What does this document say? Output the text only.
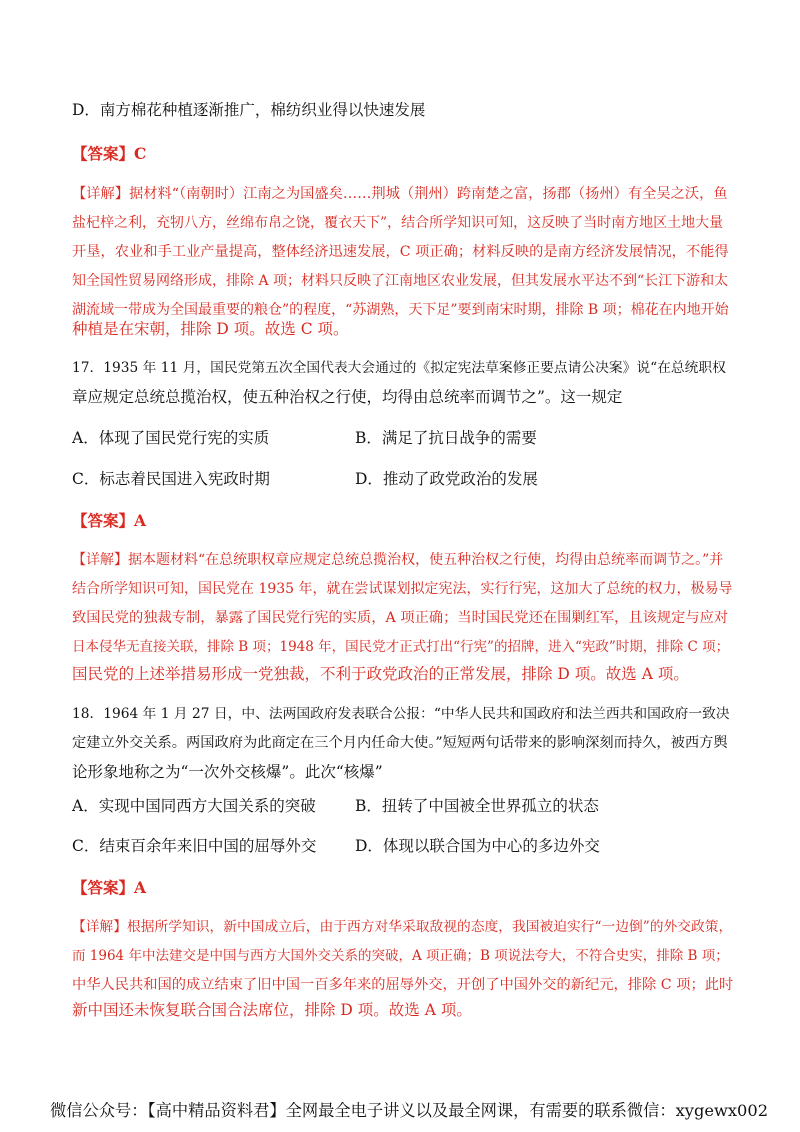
D．南方棉花种植逐渐推广，棉纺织业得以快速发展
【答案】C
【详解】据材料“（南朝时）江南之为国盛矣……荆城（荆州）跨南楚之富，扬郡（扬州）有全吴之沃，鱼
盐杞梓之利，充牣八方，丝绵布帛之饶，覆衣天下”，结合所学知识可知，这反映了当时南方地区土地大量
开垦，农业和手工业产量提高，整体经济迅速发展，C 项正确；材料反映的是南方经济发展情况，不能得
知全国性贸易网络形成，排除 A 项；材料只反映了江南地区农业发展，但其发展水平达不到“长江下游和太
湖流域一带成为全国最重要的粮仓”的程度，“苏湖熟，天下足”要到南宋时期，排除 B 项；棉花在内地开始
种植是在宋朝，排除 D 项。故选 C 项。
17．1935 年 11 月，国民党第五次全国代表大会通过的《拟定宪法草案修正要点请公决案》说“在总统职权
章应规定总统总揽治权，使五种治权之行使，均得由总统率而调节之”。这一规定
A．体现了国民党行宪的实质	B．满足了抗日战争的需要
C．标志着民国进入宪政时期	D．推动了政党政治的发展
【答案】A
【详解】据本题材料“在总统职权章应规定总统总揽治权，使五种治权之行使，均得由总统率而调节之。”并
结合所学知识可知，国民党在 1935 年，就在尝试谋划拟定宪法，实行行宪，这加大了总统的权力，极易导
致国民党的独裁专制，暴露了国民党行宪的实质，A 项正确；当时国民党还在围剿红军，且该规定与应对
日本侵华无直接关联，排除 B 项；1948 年，国民党才正式打出“行宪”的招牌，进入“宪政”时期，排除 C 项；
国民党的上述举措易形成一党独裁，不利于政党政治的正常发展，排除 D 项。故选 A 项。
18．1964 年 1 月 27 日，中、法两国政府发表联合公报：“中华人民共和国政府和法兰西共和国政府一致决
定建立外交关系。两国政府为此商定在三个月内任命大使。”短短两句话带来的影响深刻而持久，被西方舆
论形象地称之为“一次外交核爆”。此次“核爆”
A．实现中国同西方大国关系的突破	B．扭转了中国被全世界孤立的状态
C．结束百余年来旧中国的屈辱外交 D．体现以联合国为中心的多边外交
【答案】A
【详解】根据所学知识，新中国成立后，由于西方对华采取敌视的态度，我国被迫实行“一边倒”的外交政策，
而 1964 年中法建交是中国与西方大国外交关系的突破，A 项正确；B 项说法夸大，不符合史实，排除 B 项；
中华人民共和国的成立结束了旧中国一百多年来的屈辱外交，开创了中国外交的新纪元，排除 C 项；此时
新中国还未恢复联合国合法席位，排除 D 项。故选 A 项。
微信公众号：【高中精品资料君】全网最全电子讲义以及最全网课，有需要的联系微信：xygewx002
